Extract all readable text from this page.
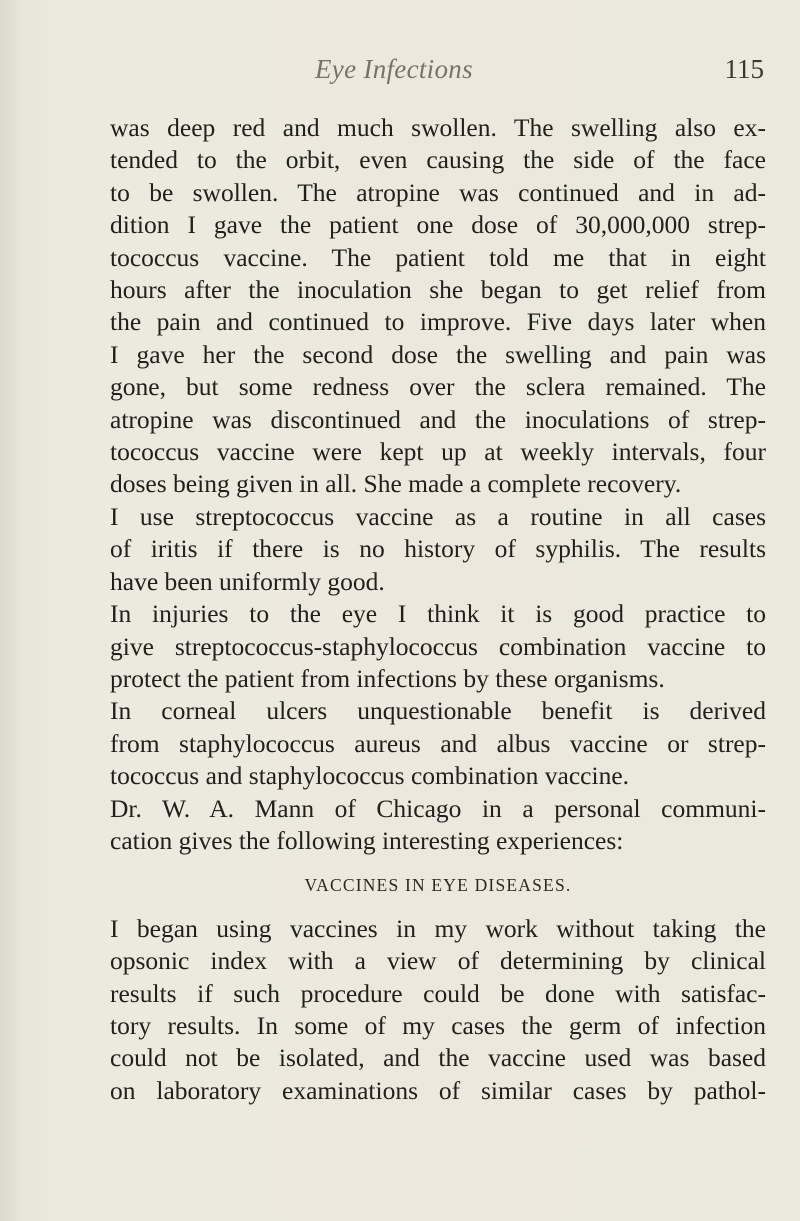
Eye Infections	115
was deep red and much swollen. The swelling also ex-
tended to the orbit, even causing the side of the face
to be swollen. The atropine was continued and in ad-
dition I gave the patient one dose of 30,000,000 strep-
tococcus vaccine. The patient told me that in eight
hours after the inoculation she began to get relief from
the pain and continued to improve. Five days later when
I gave her the second dose the swelling and pain was
gone, but some redness over the sclera remained. The
atropine was discontinued and the inoculations of strep-
tococcus vaccine were kept up at weekly intervals, four
doses being given in all. She made a complete recovery.
I use streptococcus vaccine as a routine in all cases
of iritis if there is no history of syphilis. The results
have been uniformly good.
In injuries to the eye I think it is good practice to
give streptococcus-staphylococcus combination vaccine to
protect the patient from infections by these organisms.
In corneal ulcers unquestionable benefit is derived
from staphylococcus aureus and albus vaccine or strep-
tococcus and staphylococcus combination vaccine.
Dr. W. A. Mann of Chicago in a personal communi-
cation gives the following interesting experiences:
VACCINES IN EYE DISEASES.
I began using vaccines in my work without taking the
opsonic index with a view of determining by clinical
results if such procedure could be done with satisfac-
tory results. In some of my cases the germ of infection
could not be isolated, and the vaccine used was based
on laboratory examinations of similar cases by pathol-
